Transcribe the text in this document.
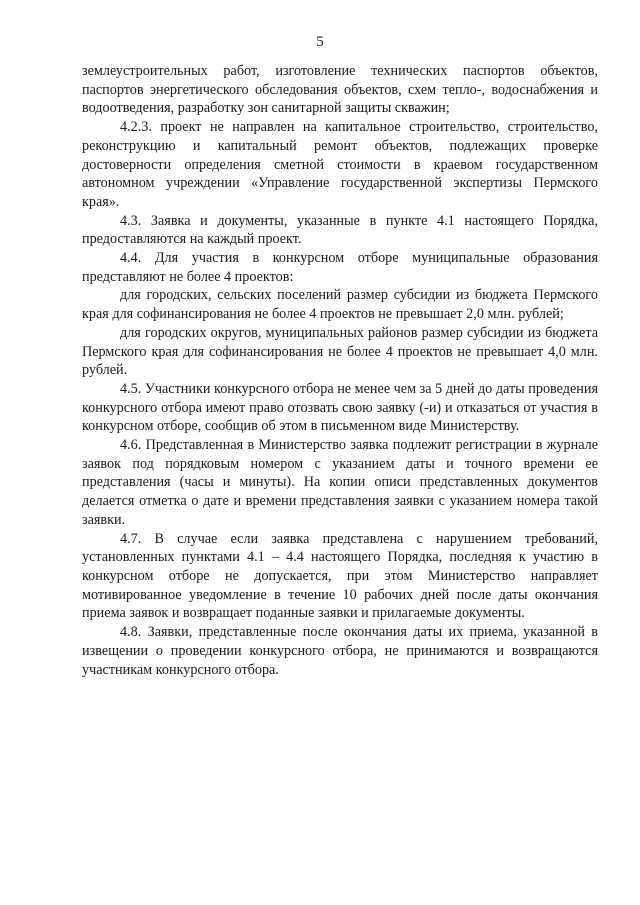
5

землеустроительных работ, изготовление технических паспортов объектов, паспортов энергетического обследования объектов, схем тепло-, водоснабжения и водоотведения, разработку зон санитарной защиты скважин;

4.2.3. проект не направлен на капитальное строительство, строительство, реконструкцию и капитальный ремонт объектов, подлежащих проверке достоверности определения сметной стоимости в краевом государственном автономном учреждении «Управление государственной экспертизы Пермского края».

4.3. Заявка и документы, указанные в пункте 4.1 настоящего Порядка, предоставляются на каждый проект.

4.4. Для участия в конкурсном отборе муниципальные образования представляют не более 4 проектов:

для городских, сельских поселений размер субсидии из бюджета Пермского края для софинансирования не более 4 проектов не превышает 2,0 млн. рублей;

для городских округов, муниципальных районов размер субсидии из бюджета Пермского края для софинансирования не более 4 проектов не превышает 4,0 млн. рублей.

4.5. Участники конкурсного отбора не менее чем за 5 дней до даты проведения конкурсного отбора имеют право отозвать свою заявку (-и) и отказаться от участия в конкурсном отборе, сообщив об этом в письменном виде Министерству.

4.6. Представленная в Министерство заявка подлежит регистрации в журнале заявок под порядковым номером с указанием даты и точного времени ее представления (часы и минуты). На копии описи представленных документов делается отметка о дате и времени представления заявки с указанием номера такой заявки.

4.7. В случае если заявка представлена с нарушением требований, установленных пунктами 4.1 – 4.4 настоящего Порядка, последняя к участию в конкурсном отборе не допускается, при этом Министерство направляет мотивированное уведомление в течение 10 рабочих дней после даты окончания приема заявок и возвращает поданные заявки и прилагаемые документы.

4.8. Заявки, представленные после окончания даты их приема, указанной в извещении о проведении конкурсного отбора, не принимаются и возвращаются участникам конкурсного отбора.
